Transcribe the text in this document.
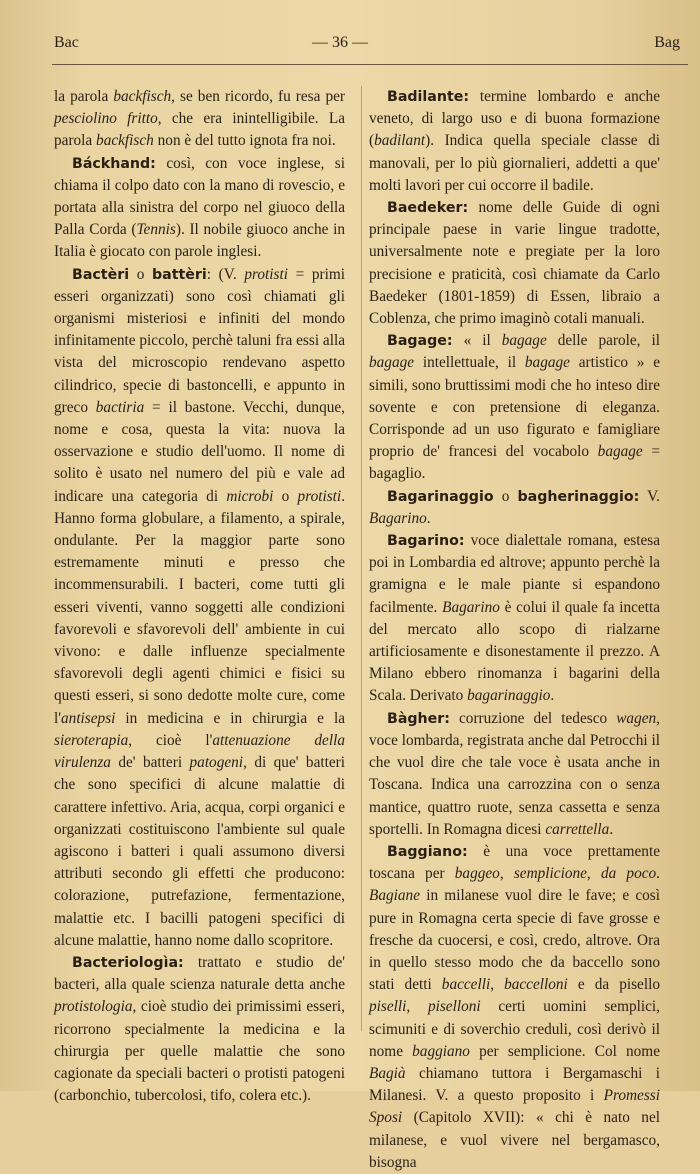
Bac	— 36 —	Bag

la parola backfisch, se ben ricordo, fu resa per pesciolino fritto, che era inintelligibile. La parola backfisch non è del tutto ignota fra noi.

Báckhand: così, con voce inglese, si chiama il colpo dato con la mano di rovescio, e portata alla sinistra del corpo nel giuoco della Palla Corda (Tennis). Il nobile giuoco anche in Italia è giocato con parole inglesi.

Bactèri o battèri: (V. protisti = primi esseri organizzati) sono così chiamati gli organismi misteriosi e infiniti del mondo infinitamente piccolo, perchè taluni fra essi alla vista del microscopio rendevano aspetto cilindrico, specie di bastoncelli, e appunto in greco bactiria = il bastone. Vecchi, dunque, nome e cosa, questa la vita: nuova la osservazione e studio dell'uomo. Il nome di solito è usato nel numero del più e vale ad indicare una categoria di microbi o protisti. Hanno forma globulare, a filamento, a spirale, ondulante. Per la maggior parte sono estremamente minuti e presso che incommensurabili. I bacteri, come tutti gli esseri viventi, vanno soggetti alle condizioni favorevoli e sfavorevoli dell' ambiente in cui vivono: e dalle influenze specialmente sfavorevoli degli agenti chimici e fisici su questi esseri, si sono dedotte molte cure, come l'antisepsi in medicina e in chirurgia e la sieroterapia, cioè l'attenuazione della virulenza de' batteri patogeni, di que' batteri che sono specifici di alcune malattie di carattere infettivo. Aria, acqua, corpi organici e organizzati costituiscono l'ambiente sul quale agiscono i batteri i quali assumono diversi attributi secondo gli effetti che producono: colorazione, putrefazione, fermentazione, malattie etc. I bacilli patogeni specifici di alcune malattie, hanno nome dallo scopritore.

Bacteriologìa: trattato e studio de' bacteri, alla quale scienza naturale detta anche protistologia, cioè studio dei primissimi esseri, ricorrono specialmente la medicina e la chirurgia per quelle malattie che sono cagionate da speciali bacteri o protisti patogeni (carbonchio, tubercolosi, tifo, colera etc.).

Badilante: termine lombardo e anche veneto, di largo uso e di buona formazione (badilant). Indica quella speciale classe di manovali, per lo più giornalieri, addetti a que' molti lavori per cui occorre il badile.

Baedeker: nome delle Guide di ogni principale paese in varie lingue tradotte, universalmente note e pregiate per la loro precisione e praticità, così chiamate da Carlo Baedeker (1801-1859) di Essen, libraio a Coblenza, che primo imaginò cotali manuali.

Bagage: « il bagage delle parole, il bagage intellettuale, il bagage artistico » e simili, sono bruttissimi modi che ho inteso dire sovente e con pretensione di eleganza. Corrisponde ad un uso figurato e famigliare proprio de' francesi del vocabolo bagage = bagaglio.

Bagarinaggio o bagherinaggio: V. Bagarino.

Bagarino: voce dialettale romana, estesa poi in Lombardia ed altrove; appunto perchè la gramigna e le male piante si espandono facilmente. Bagarino è colui il quale fa incetta del mercato allo scopo di rialzarne artificiosamente e disonestamente il prezzo. A Milano ebbero rinomanza i bagarini della Scala. Derivato bagarinaggio.

Bàgher: corruzione del tedesco wagen, voce lombarda, registrata anche dal Petrocchi il che vuol dire che tale voce è usata anche in Toscana. Indica una carrozzina con o senza mantice, quattro ruote, senza cassetta e senza sportelli. In Romagna dicesi carrettella.

Baggiano: è una voce prettamente toscana per baggeo, semplicione, da poco. Bagiane in milanese vuol dire le fave; e così pure in Romagna certa specie di fave grosse e fresche da cuocersi, e così, credo, altrove. Ora in quello stesso modo che da baccello sono stati detti baccelli, baccelloni e da pisello piselli, piselloni certi uomini semplici, scimuniti e di soverchio creduli, così derivò il nome baggiano per semplicione. Col nome Bagià chiamano tuttora i Bergamaschi i Milanesi. V. a questo proposito i Promessi Sposi (Capitolo XVII): « chi è nato nel milanese, e vuol vivere nel bergamasco, bisogna
